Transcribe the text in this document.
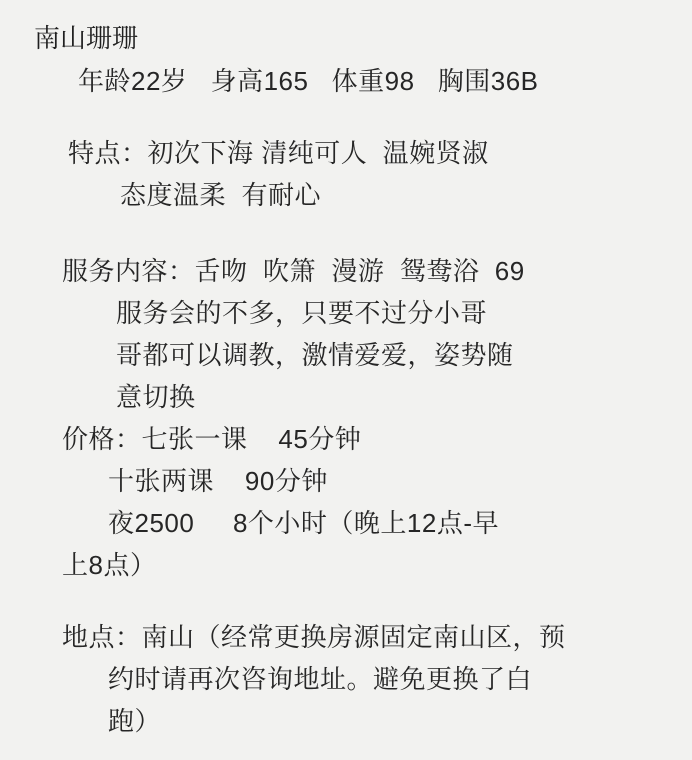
南山珊珊
年龄22岁   身高165   体重98   胸围36B
特点：初次下海 清纯可人  温婉贤淑
态度温柔  有耐心
服务内容：舌吻  吹箫  漫游  鸳鸯浴  69
服务会的不多，只要不过分小哥
哥都可以调教，激情爱爱，姿势随
意切换
价格：七张一课    45分钟
十张两课    90分钟
夜2500     8个小时（晚上12点-早
上8点）
地点：南山（经常更换房源固定南山区，预
约时请再次咨询地址。避免更换了白
跑）
